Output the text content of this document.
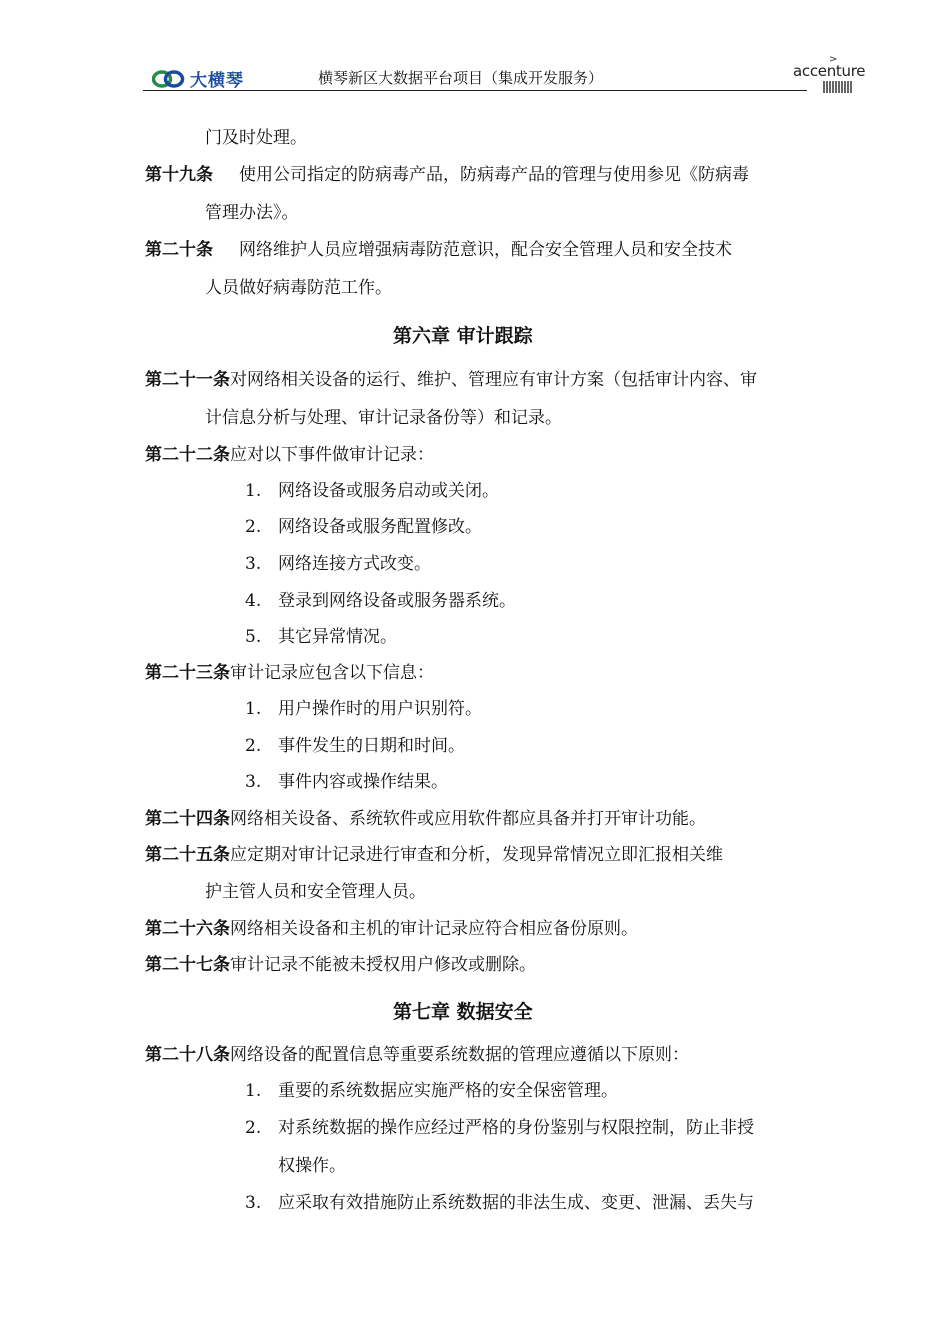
大横琴	横琴新区大数据平台项目（集成开发服务）
>
accenture
门及时处理。
第十九条 使用公司指定的防病毒产品，防病毒产品的管理与使用参见《防病毒
管理办法》。
第二十条 网络维护人员应增强病毒防范意识，配合安全管理人员和安全技术
人员做好病毒防范工作。
第六章 审计跟踪
第二十一条对网络相关设备的运行、维护、管理应有审计方案（包括审计内容、审
计信息分析与处理、审计记录备份等）和记录。
第二十二条应对以下事件做审计记录：
1. 网络设备或服务启动或关闭。
2. 网络设备或服务配置修改。
3. 网络连接方式改变。
4. 登录到网络设备或服务器系统。
5. 其它异常情况。
第二十三条审计记录应包含以下信息：
1. 用户操作时的用户识别符。
2. 事件发生的日期和时间。
3. 事件内容或操作结果。
第二十四条网络相关设备、系统软件或应用软件都应具备并打开审计功能。
第二十五条应定期对审计记录进行审查和分析，发现异常情况立即汇报相关维
护主管人员和安全管理人员。
第二十六条网络相关设备和主机的审计记录应符合相应备份原则。
第二十七条审计记录不能被未授权用户修改或删除。
第七章 数据安全
第二十八条网络设备的配置信息等重要系统数据的管理应遵循以下原则：
1. 重要的系统数据应实施严格的安全保密管理。
2. 对系统数据的操作应经过严格的身份鉴别与权限控制，防止非授
权操作。
3. 应采取有效措施防止系统数据的非法生成、变更、泄漏、丢失与
